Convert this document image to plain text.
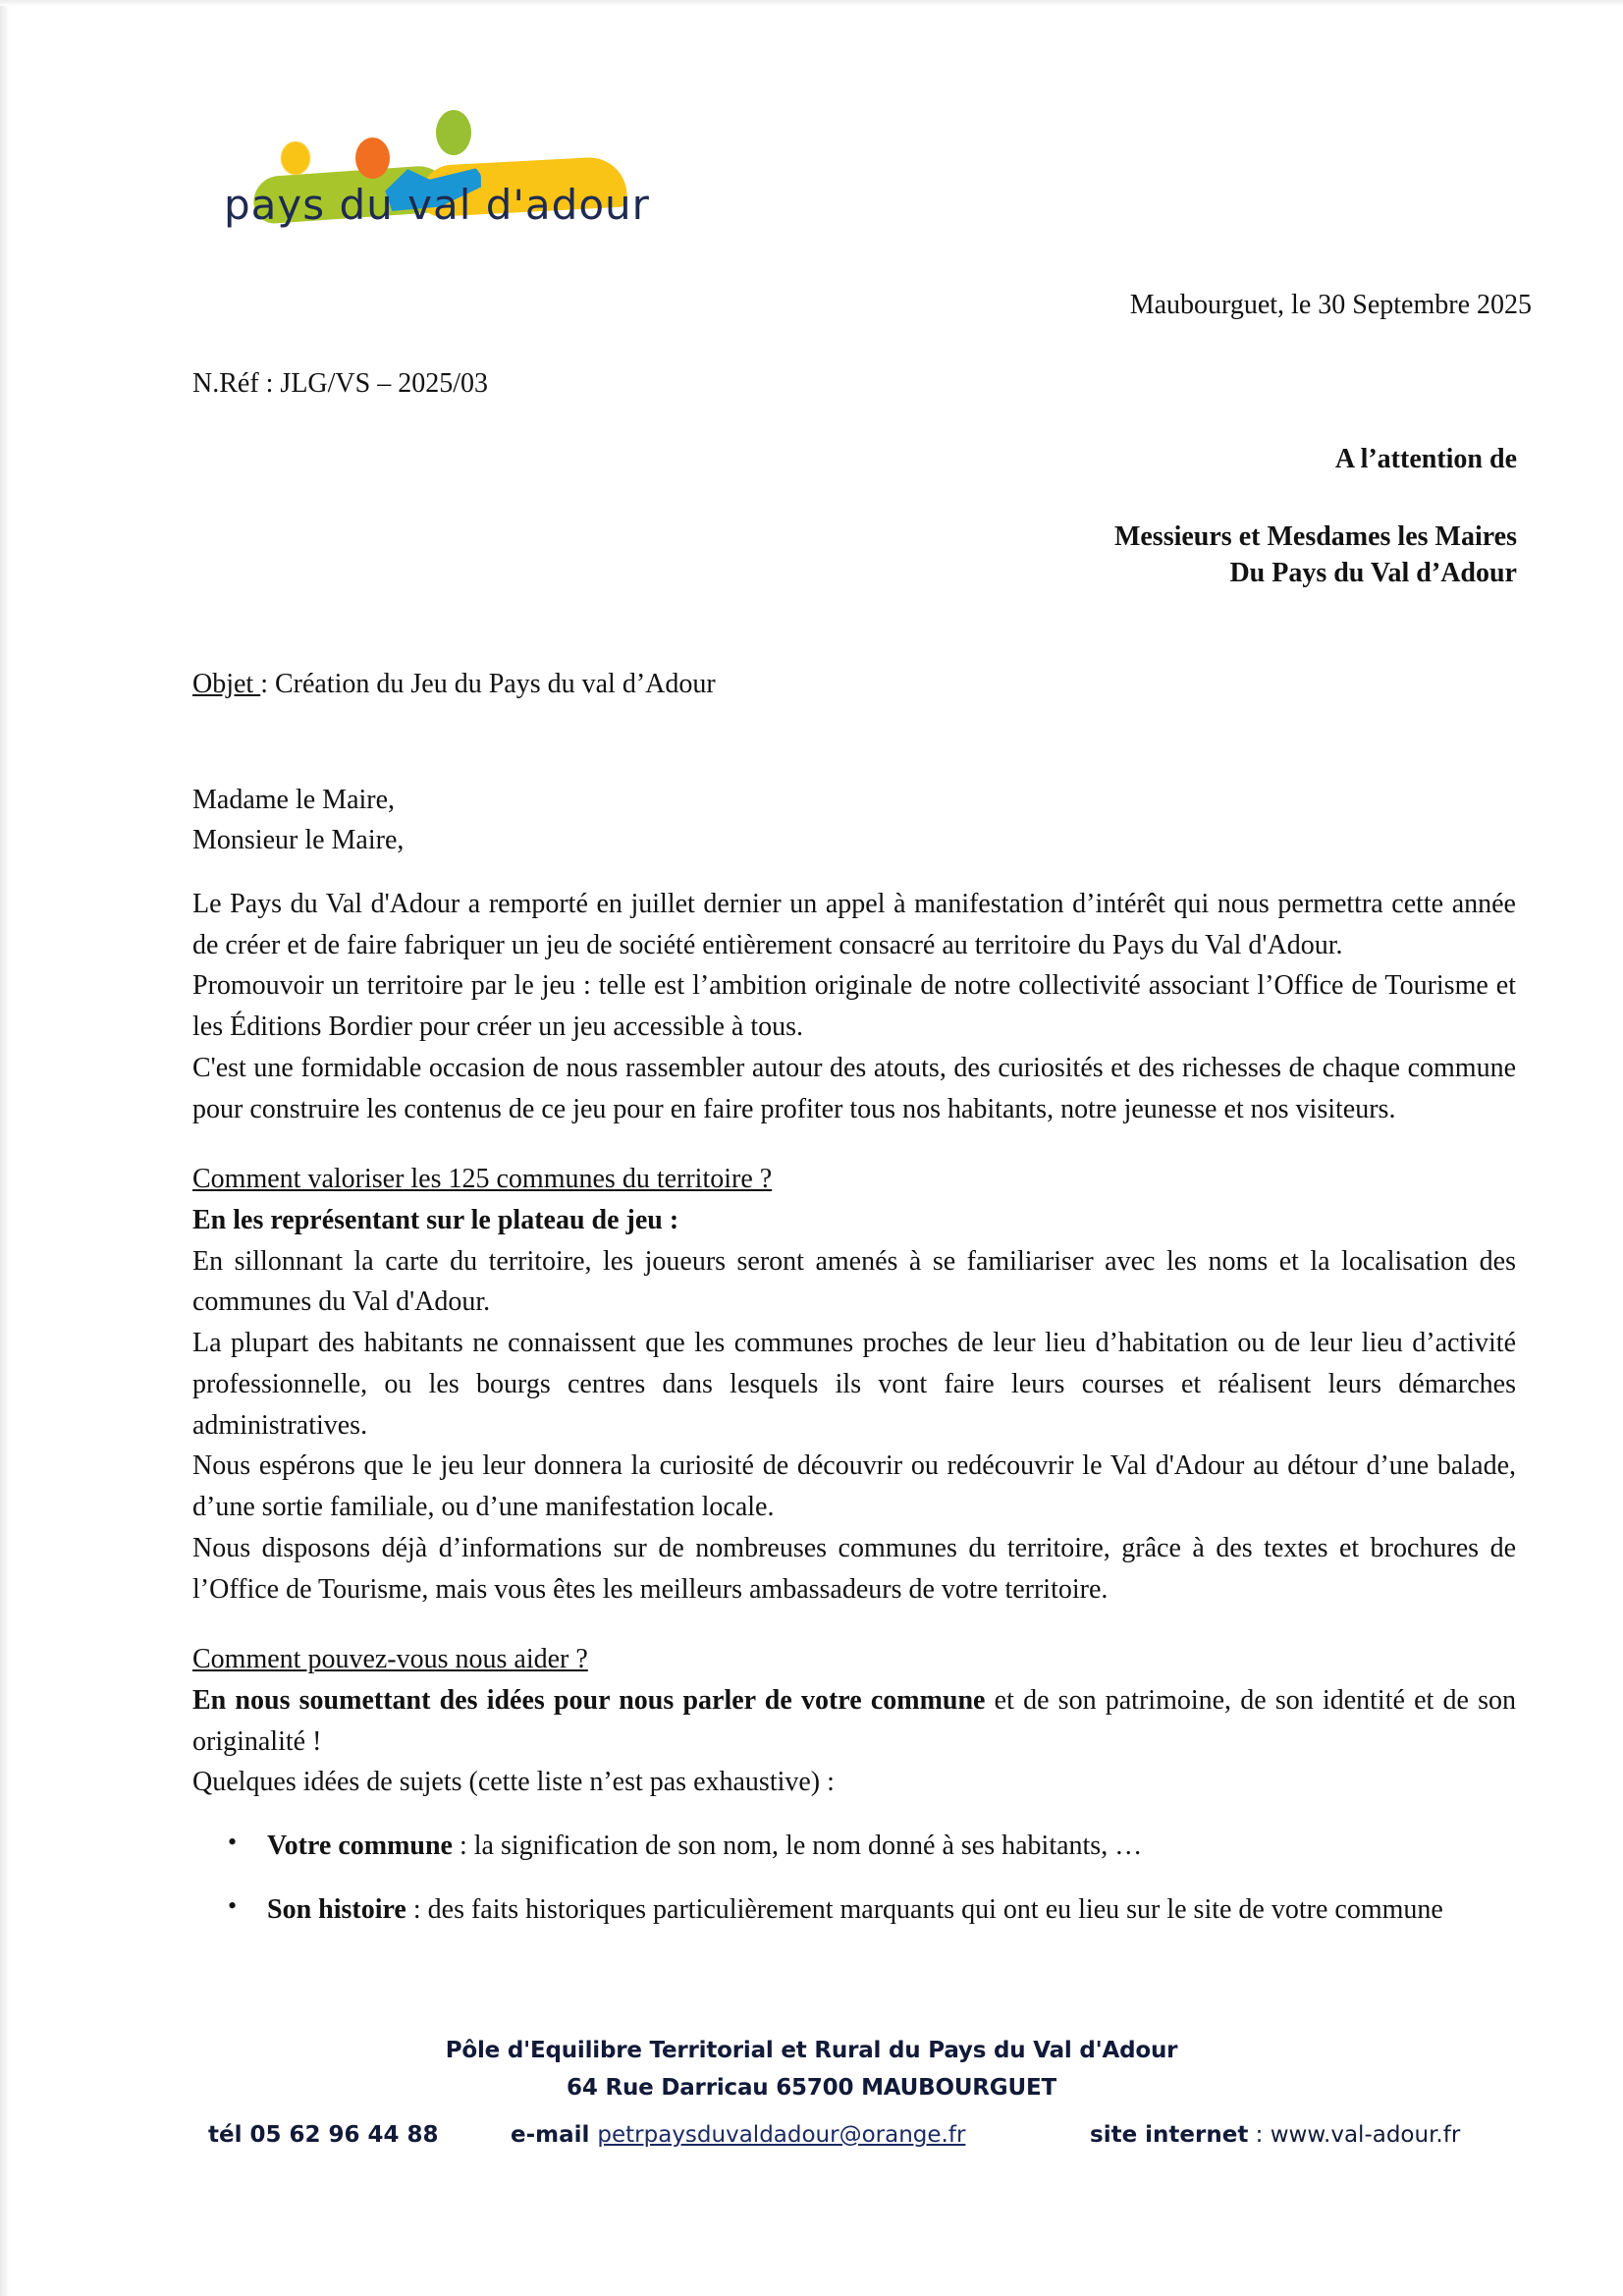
pays du val d'adour
Maubourguet, le 30 Septembre 2025
N.Réf : JLG/VS – 2025/03
A l’attention de
Messieurs et Mesdames les Maires
Du Pays du Val d’Adour
Objet : Création du Jeu du Pays du val d’Adour
Madame le Maire,
Monsieur le Maire,

Le Pays du Val d'Adour a remporté en juillet dernier un appel à manifestation d’intérêt qui nous permettra cette année de créer et de faire fabriquer un jeu de société entièrement consacré au territoire du Pays du Val d'Adour.

Promouvoir un territoire par le jeu : telle est l’ambition originale de notre collectivité associant l’Office de Tourisme et les Éditions Bordier pour créer un jeu accessible à tous.

C'est une formidable occasion de nous rassembler autour des atouts, des curiosités et des richesses de chaque commune pour construire les contenus de ce jeu pour en faire profiter tous nos habitants, notre jeunesse et nos visiteurs.

Comment valoriser les 125 communes du territoire ?

En les représentant sur le plateau de jeu :

En sillonnant la carte du territoire, les joueurs seront amenés à se familiariser avec les noms et la localisation des communes du Val d'Adour.

La plupart des habitants ne connaissent que les communes proches de leur lieu d’habitation ou de leur lieu d’activité professionnelle, ou les bourgs centres dans lesquels ils vont faire leurs courses et réalisent leurs démarches administratives.

Nous espérons que le jeu leur donnera la curiosité de découvrir ou redécouvrir le Val d'Adour au détour d’une balade, d’une sortie familiale, ou d’une manifestation locale.

Nous disposons déjà d’informations sur de nombreuses communes du territoire, grâce à des textes et brochures de l’Office de Tourisme, mais vous êtes les meilleurs ambassadeurs de votre territoire.

Comment pouvez-vous nous aider ?

En nous soumettant des idées pour nous parler de votre commune et de son patrimoine, de son identité et de son originalité !

Quelques idées de sujets (cette liste n’est pas exhaustive) :

• Votre commune : la signification de son nom, le nom donné à ses habitants, …
• Son histoire : des faits historiques particulièrement marquants qui ont eu lieu sur le site de votre commune
Pôle d'Equilibre Territorial et Rural du Pays du Val d'Adour
64 Rue Darricau 65700 MAUBOURGUET
tél 05 62 96 44 88	e-mail petrpaysduvaldadour@orange.fr	site internet : www.val-adour.fr
